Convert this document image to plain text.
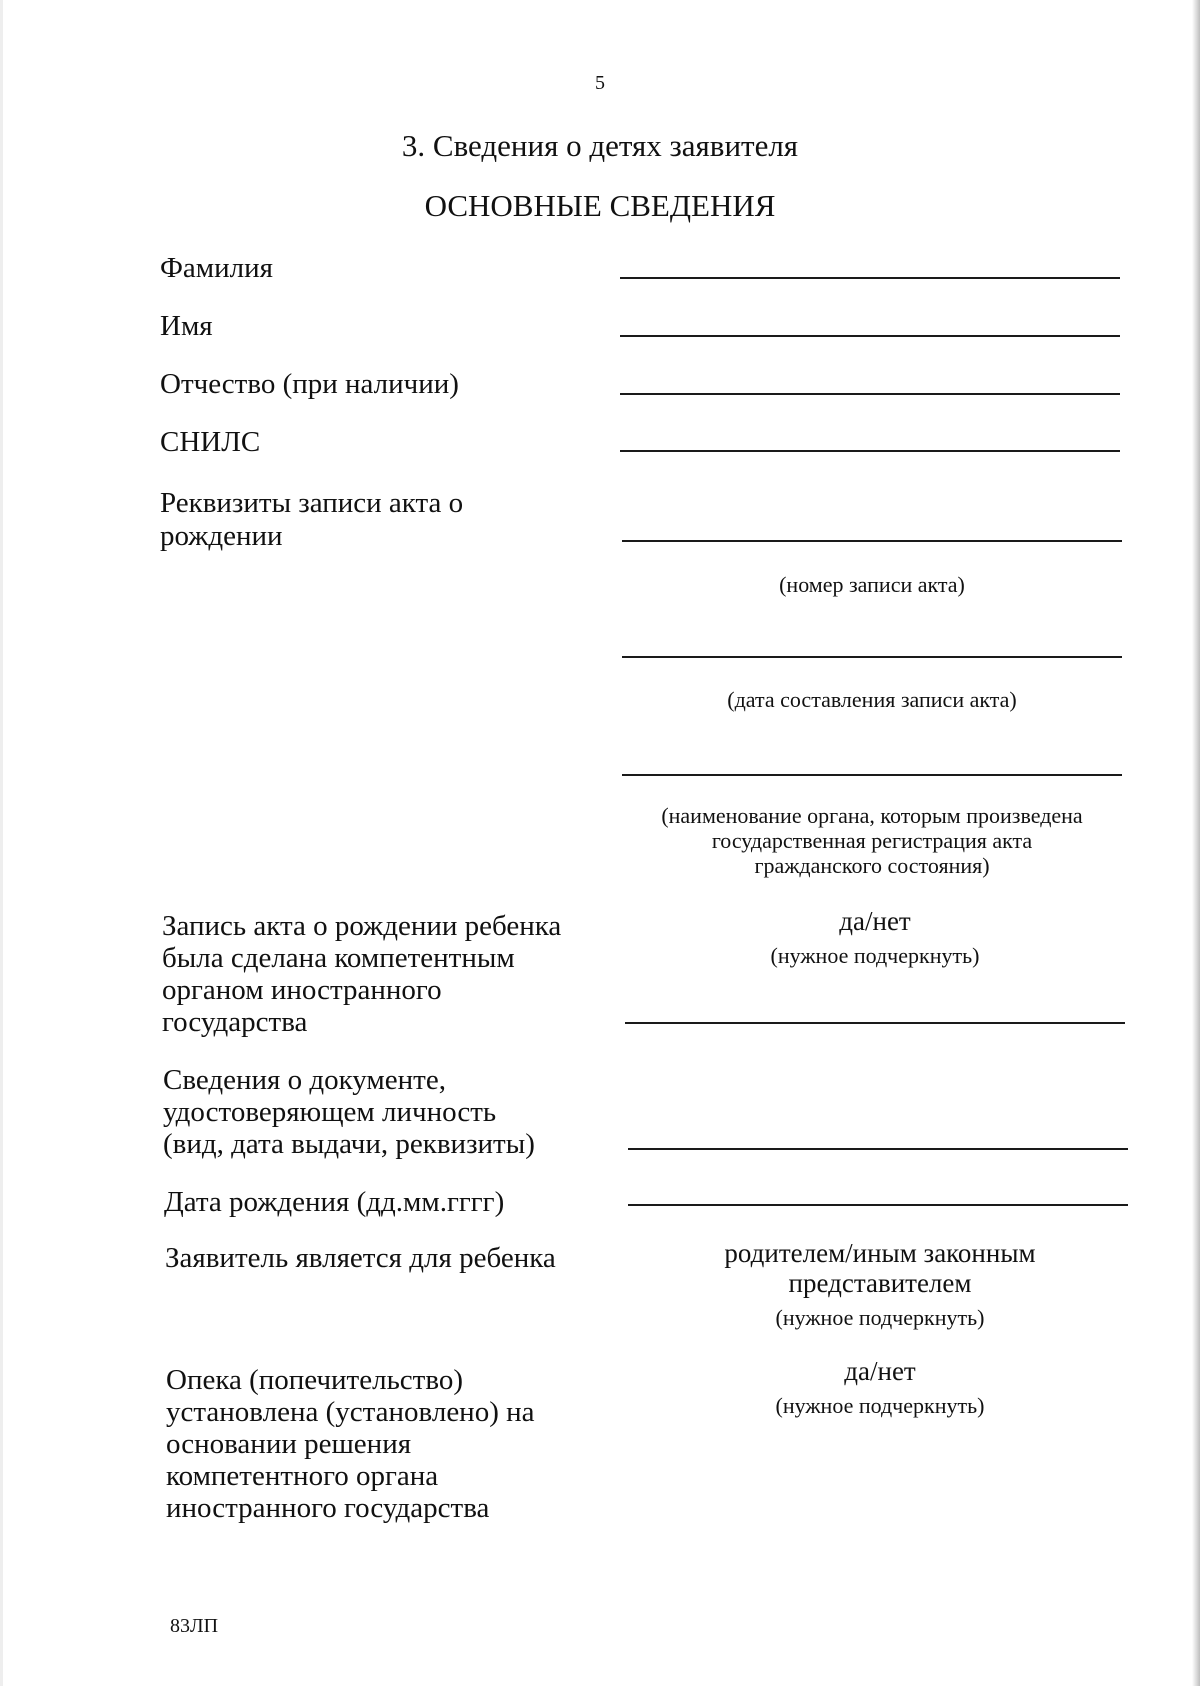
5
3. Сведения о детях заявителя
ОСНОВНЫЕ СВЕДЕНИЯ
Фамилия
Имя
Отчество (при наличии)
СНИЛС
Реквизиты записи акта о
рождении
(номер записи акта)
(дата составления записи акта)
(наименование органа, которым произведена
государственная регистрация акта
гражданского состояния)
Запись акта о рождении ребенка
была сделана компетентным
органом иностранного
государства
да/нет
(нужное подчеркнуть)
Сведения о документе,
удостоверяющем личность
(вид, дата выдачи, реквизиты)
Дата рождения (дд.мм.гггг)
Заявитель является для ребенка	родителем/иным законным
представителем
(нужное подчеркнуть)
Опека (попечительство)
установлена (установлено) на
основании решения
компетентного органа
иностранного государства
да/нет
(нужное подчеркнуть)
83ЛП
